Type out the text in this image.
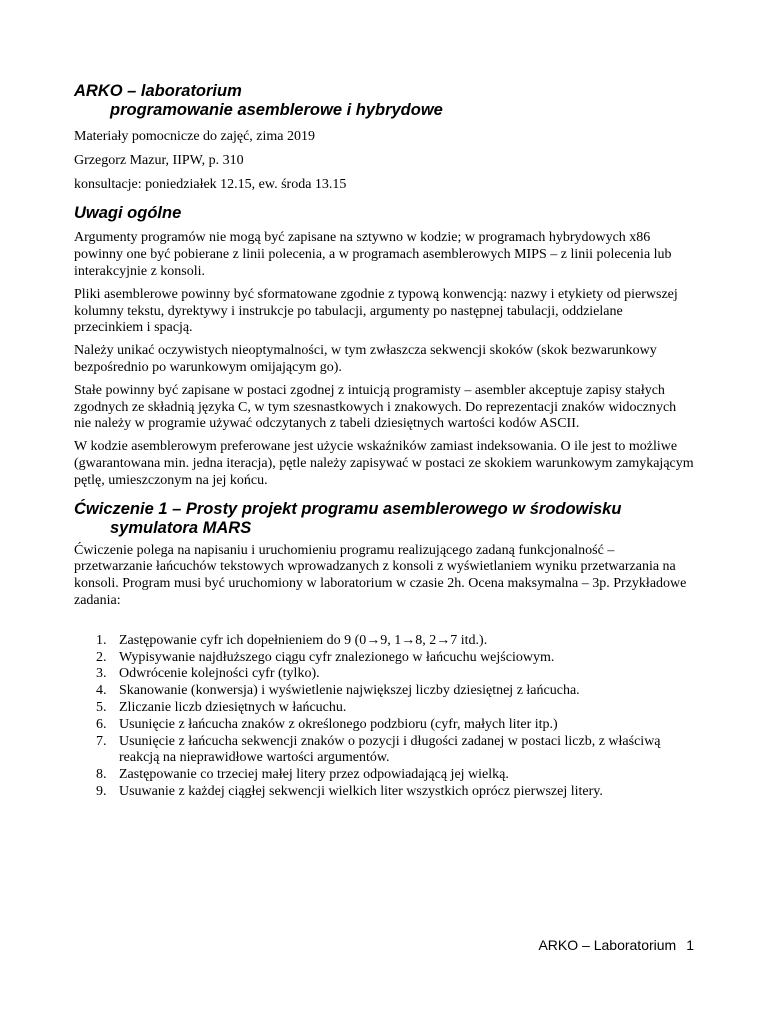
ARKO – laboratorium
programowanie asemblerowe i hybrydowe

Materiały pomocnicze do zajęć, zima 2019

Grzegorz Mazur, IIPW, p. 310

konsultacje: poniedziałek 12.15, ew. środa 13.15

Uwagi ogólne

Argumenty programów nie mogą być zapisane na sztywno w kodzie; w programach hybrydowych x86 powinny one być pobierane z linii polecenia, a w programach asemblerowych MIPS – z linii polecenia lub interakcyjnie z konsoli.

Pliki asemblerowe powinny być sformatowane zgodnie z typową konwencją: nazwy i etykiety od pierwszej kolumny tekstu, dyrektywy i instrukcje po tabulacji, argumenty po następnej tabulacji, oddzielane przecinkiem i spacją.

Należy unikać oczywistych nieoptymalności, w tym zwłaszcza sekwencji skoków (skok bezwarunkowy bezpośrednio po warunkowym omijającym go).

Stałe powinny być zapisane w postaci zgodnej z intuicją programisty – asembler akceptuje zapisy stałych zgodnych ze składnią języka C, w tym szesnastkowych i znakowych. Do reprezentacji znaków widocznych nie należy w programie używać odczytanych z tabeli dziesiętnych wartości kodów ASCII.

W kodzie asemblerowym preferowane jest użycie wskaźników zamiast indeksowania. O ile jest to możliwe (gwarantowana min. jedna iteracja), pętle należy zapisywać w postaci ze skokiem warunkowym zamykającym pętlę, umieszczonym na jej końcu.

Ćwiczenie 1 – Prosty projekt programu asemblerowego w środowisku
symulatora MARS

Ćwiczenie polega na napisaniu i uruchomieniu programu realizującego zadaną funkcjonalność – przetwarzanie łańcuchów tekstowych wprowadzanych z konsoli z wyświetlaniem wyniku przetwarzania na konsoli. Program musi być uruchomiony w laboratorium w czasie 2h. Ocena maksymalna – 3p. Przykładowe zadania:

1. Zastępowanie cyfr ich dopełnieniem do 9 (0→9, 1→8, 2→7 itd.).
2. Wypisywanie najdłuższego ciągu cyfr znalezionego w łańcuchu wejściowym.
3. Odwrócenie kolejności cyfr (tylko).
4. Skanowanie (konwersja) i wyświetlenie największej liczby dziesiętnej z łańcucha.
5. Zliczanie liczb dziesiętnych w łańcuchu.
6. Usunięcie z łańcucha znaków z określonego podzbioru (cyfr, małych liter itp.)
7. Usunięcie z łańcucha sekwencji znaków o pozycji i długości zadanej w postaci liczb, z właściwą reakcją na nieprawidłowe wartości argumentów.
8. Zastępowanie co trzeciej małej litery przez odpowiadającą jej wielką.
9. Usuwanie z każdej ciągłej sekwencji wielkich liter wszystkich oprócz pierwszej litery.
ARKO – Laboratorium 1
